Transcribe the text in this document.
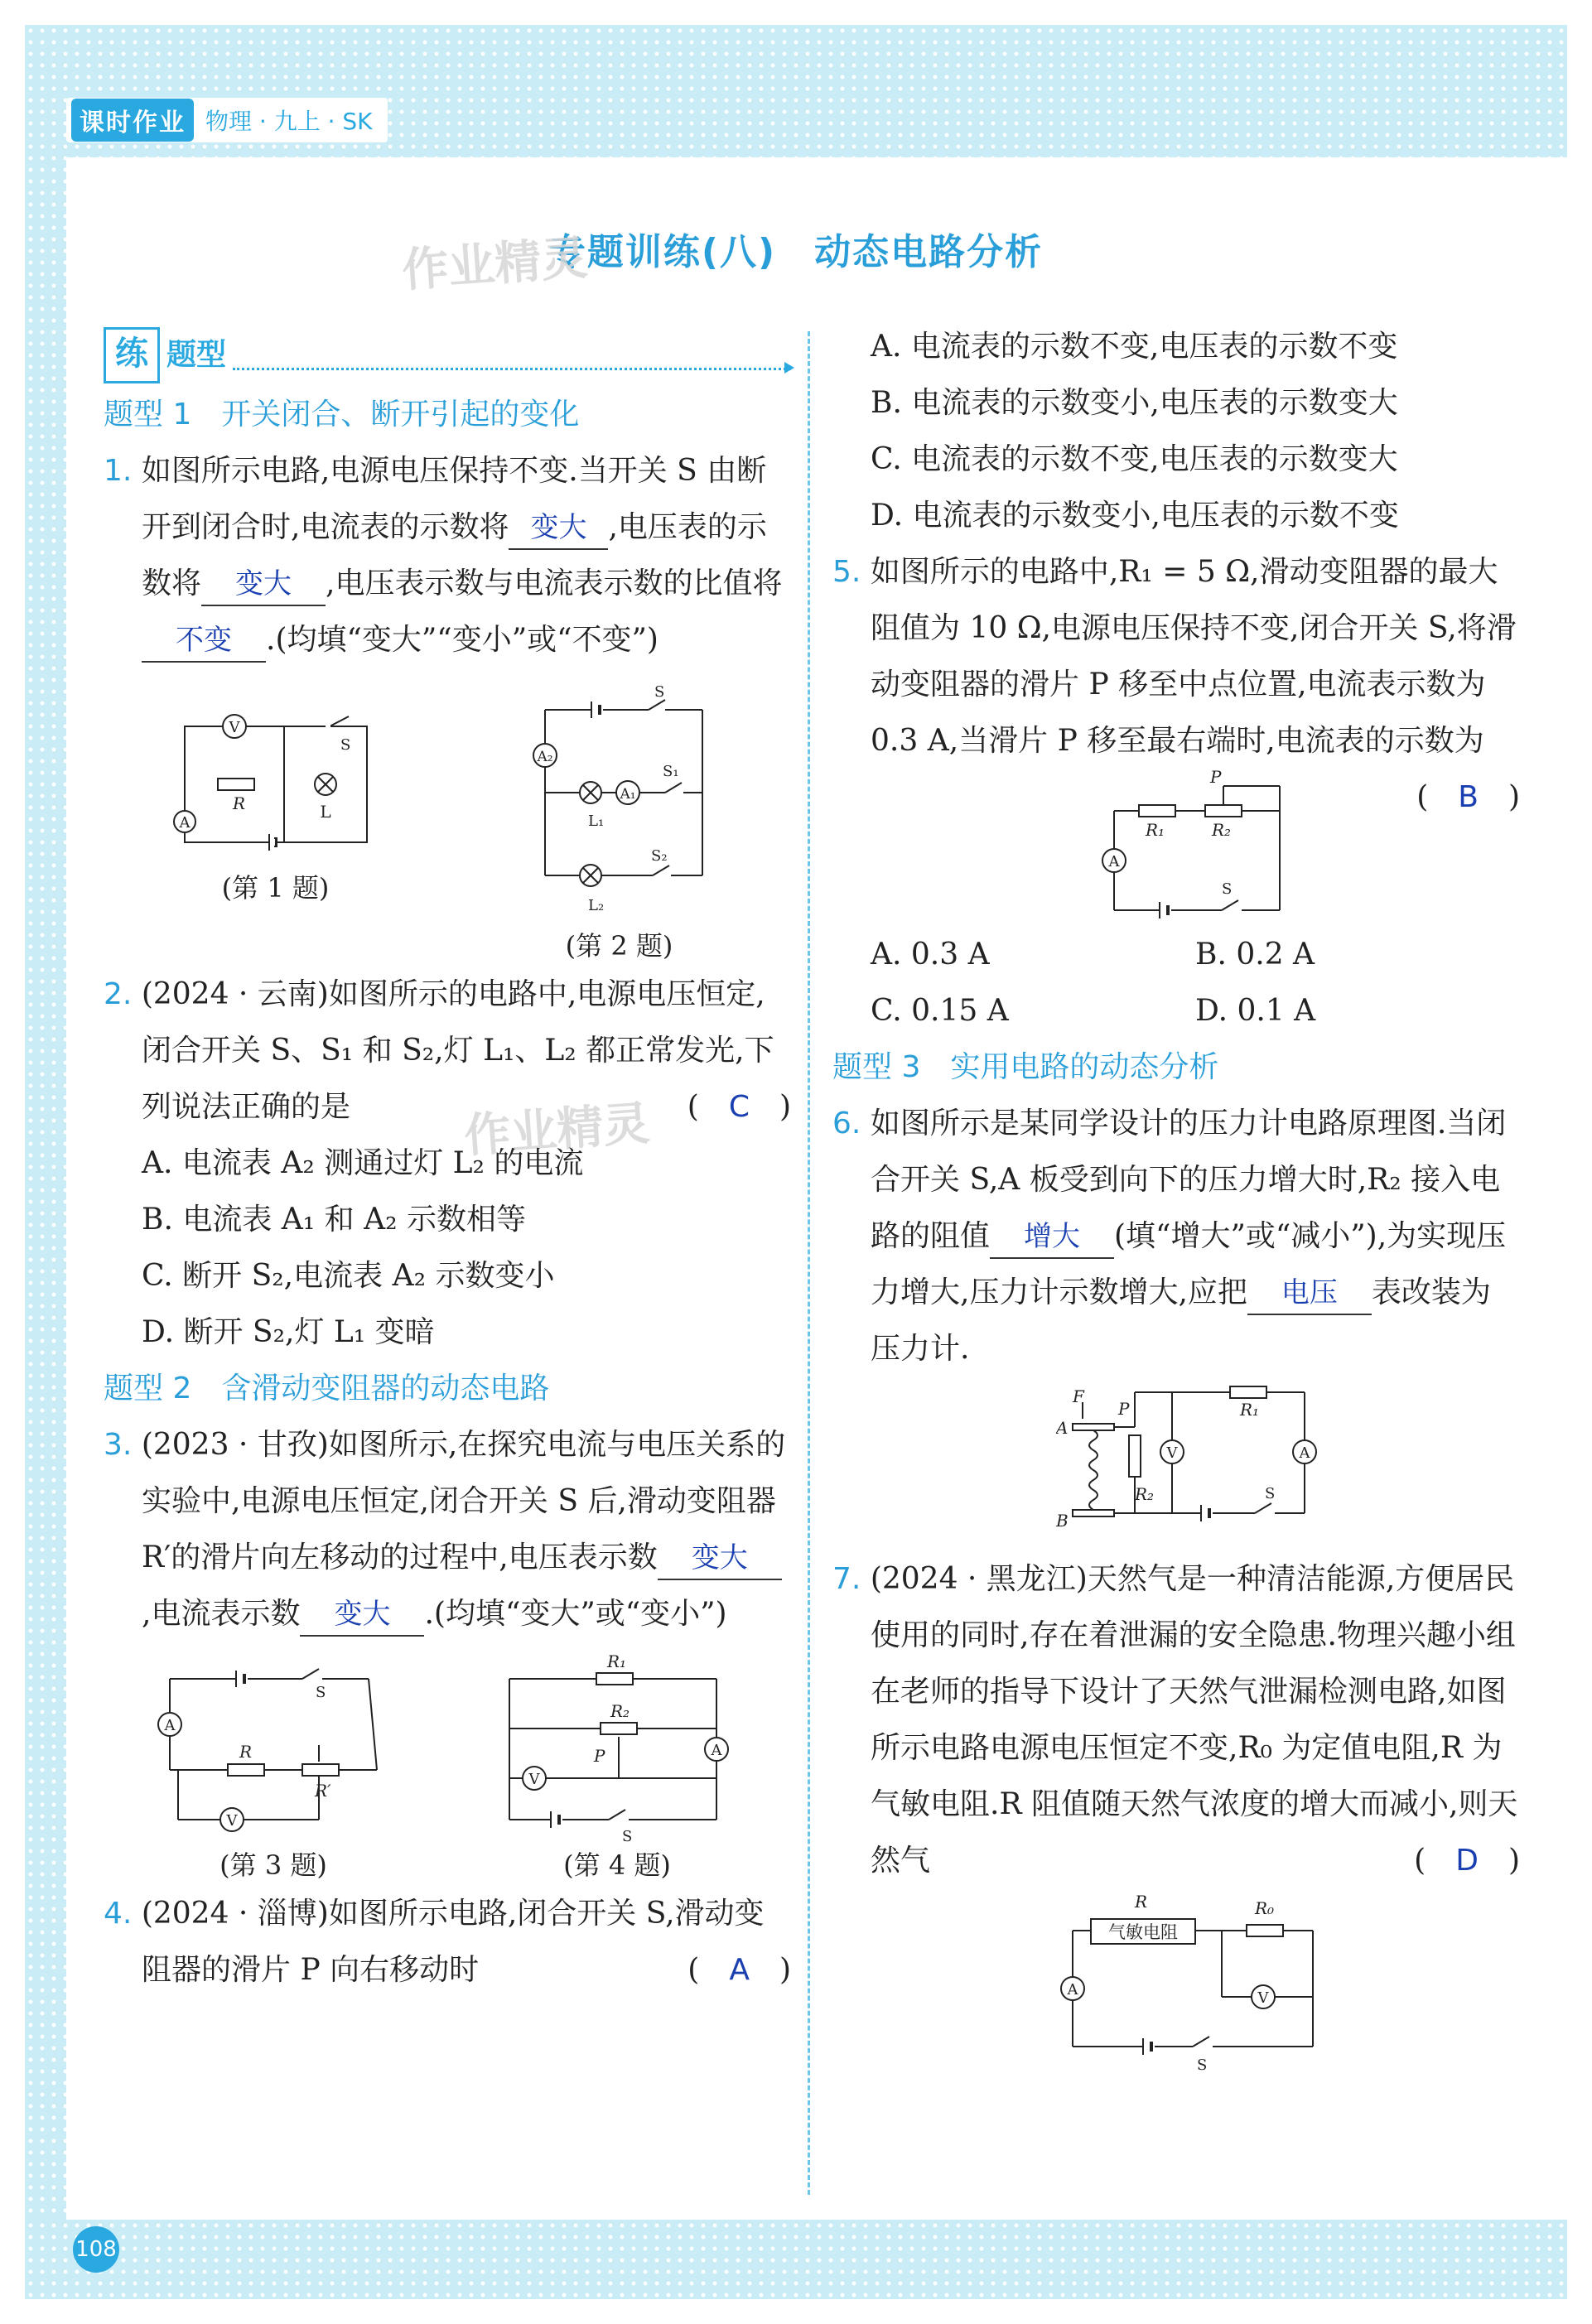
课时作业 物理 · 九上 · SK
专题训练(八)　动态电路分析
作业精灵
作业精灵
练 题型
题型 1　开关闭合、断开引起的变化
1. 如图所示电路,电源电压保持不变.当开关 S 由断开到闭合时,电流表的示数将 变大 ,电压表的示数将 变大 ,电压表示数与电流表示数的比值将不变 .(均填“变大”“变小”或“不变”)
V
S
R	L
A
(第 1 题)
S
A₂
L₁
A₁
S₁
L₂
S₂
(第 2 题)
2. (2024 · 云南)如图所示的电路中,电源电压恒定,闭合开关 S、S₁ 和 S₂,灯 L₁、L₂ 都正常发光,下列说法正确的是	(　C　)
A. 电流表 A₂ 测通过灯 L₂ 的电流
B. 电流表 A₁ 和 A₂ 示数相等
C. 断开 S₂,电流表 A₂ 示数变小
D. 断开 S₂,灯 L₁ 变暗
题型 2　含滑动变阻器的动态电路
3. (2023 · 甘孜)如图所示,在探究电流与电压关系的实验中,电源电压恒定,闭合开关 S 后,滑动变阻器 R′的滑片向左移动的过程中,电压表示数 变大,电流表示数 变大 .(均填“变大”或“变小”)
S
A
R
R′
V
(第 3 题)
R₁
R₂
P	A
V
S
(第 4 题)
4. (2024 · 淄博)如图所示电路,闭合开关 S,滑动变阻器的滑片 P 向右移动时	(　A　)
A. 电流表的示数不变,电压表的示数不变
B. 电流表的示数变小,电压表的示数变大
C. 电流表的示数不变,电压表的示数变大
D. 电流表的示数变小,电压表的示数不变
5. 如图所示的电路中,R₁ = 5 Ω,滑动变阻器的最大阻值为 10 Ω,电源电压保持不变,闭合开关 S,将滑动变阻器的滑片 P 移至中点位置,电流表示数为 0.3 A,当滑片 P 移至最右端时,电流表的示数为
(　B　)
R₁	R₂
P
A
S
A. 0.3 A	B. 0.2 A
C. 0.15 A	D. 0.1 A
题型 3　实用电路的动态分析
6. 如图所示是某同学设计的压力计电路原理图.当闭合开关 S,A 板受到向下的压力增大时,R₂ 接入电路的阻值 增大 (填“增大”或“减小”),为实现压力增大,压力计示数增大,应把 电压 表改装为压力计.
F
A
B
P
R₂
R₁
V	A
S
7. (2024 · 黑龙江)天然气是一种清洁能源,方便居民使用的同时,存在着泄漏的安全隐患.物理兴趣小组在老师的指导下设计了天然气泄漏检测电路,如图所示电路电源电压恒定不变,R₀ 为定值电阻,R 为气敏电阻.R 阻值随天然气浓度的增大而减小,则天然气	(　D　)
气敏电阻
R	R₀
V
A
S
108
